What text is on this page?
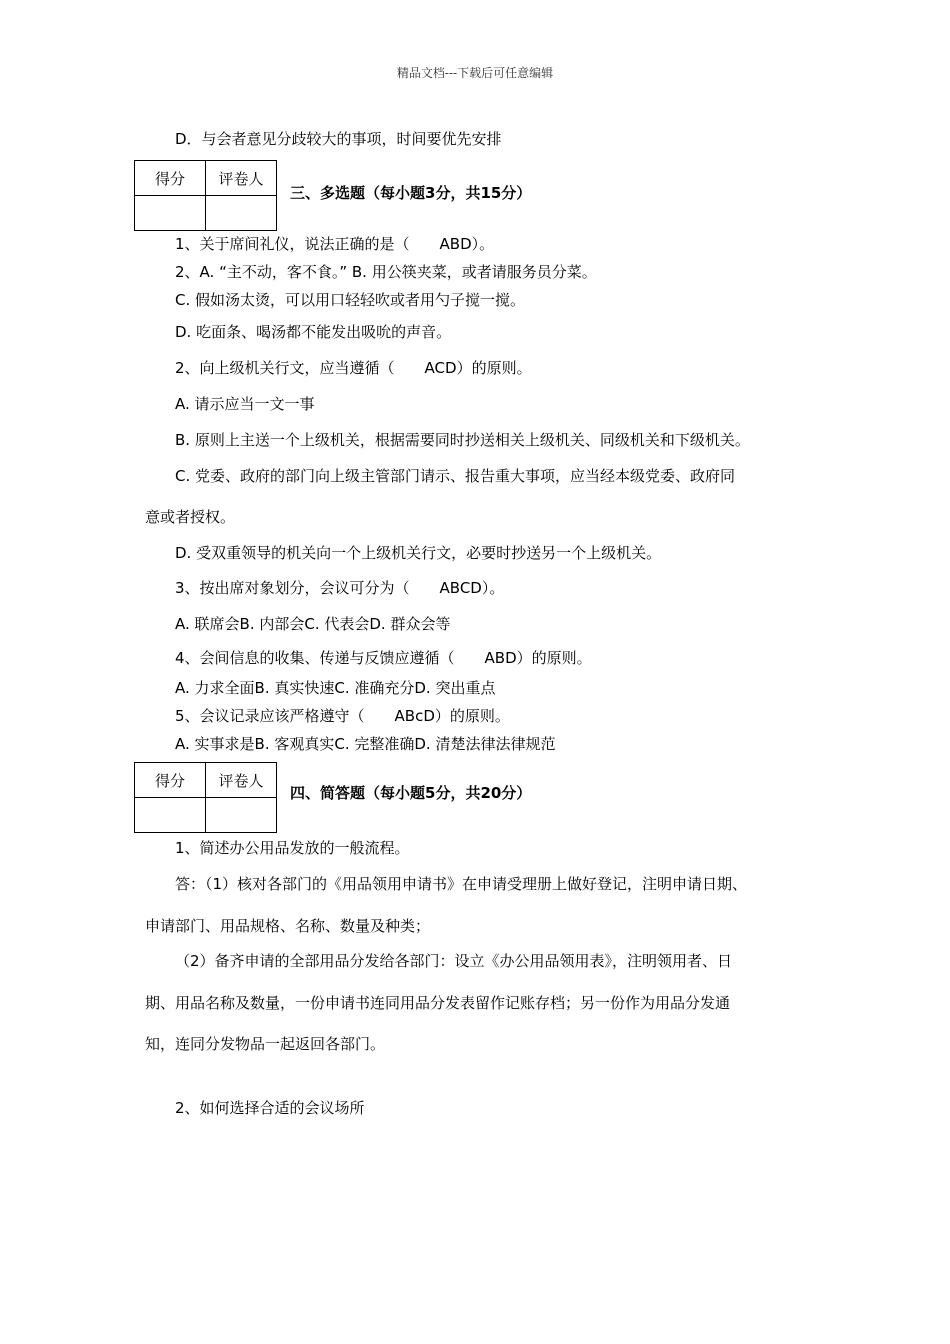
精品文档---下载后可任意编辑
D．与会者意见分歧较大的事项，时间要优先安排
得分	评卷人

三、多选题（每小题3分，共15分）
1、关于席间礼仪，说法正确的是（　　ABD）。
2、A. “主不动，客不食。” B. 用公筷夹菜，或者请服务员分菜。
C. 假如汤太烫，可以用口轻轻吹或者用勺子搅一搅。
D. 吃面条、喝汤都不能发出吸吮的声音。
2、向上级机关行文，应当遵循（　　ACD）的原则。
A. 请示应当一文一事
B. 原则上主送一个上级机关，根据需要同时抄送相关上级机关、同级机关和下级机关。
C. 党委、政府的部门向上级主管部门请示、报告重大事项，应当经本级党委、政府同
意或者授权。
D. 受双重领导的机关向一个上级机关行文，必要时抄送另一个上级机关。
3、按出席对象划分，会议可分为（　　ABCD）。
A. 联席会B. 内部会C. 代表会D. 群众会等
4、会间信息的收集、传递与反馈应遵循（　　ABD）的原则。
A. 力求全面B. 真实快速C. 准确充分D. 突出重点
5、会议记录应该严格遵守（　　ABcD）的原则。
A. 实事求是B. 客观真实C. 完整准确D. 清楚法律法律规范
得分	评卷人

四、简答题（每小题5分，共20分）
1、简述办公用品发放的一般流程。
答：（1）核对各部门的《用品领用申请书》在申请受理册上做好登记，注明申请日期、
申请部门、用品规格、名称、数量及种类；
（2）备齐申请的全部用品分发给各部门：设立《办公用品领用表》，注明领用者、日
期、用品名称及数量，一份申请书连同用品分发表留作记账存档；另一份作为用品分发通
知，连同分发物品一起返回各部门。
2、如何选择合适的会议场所
